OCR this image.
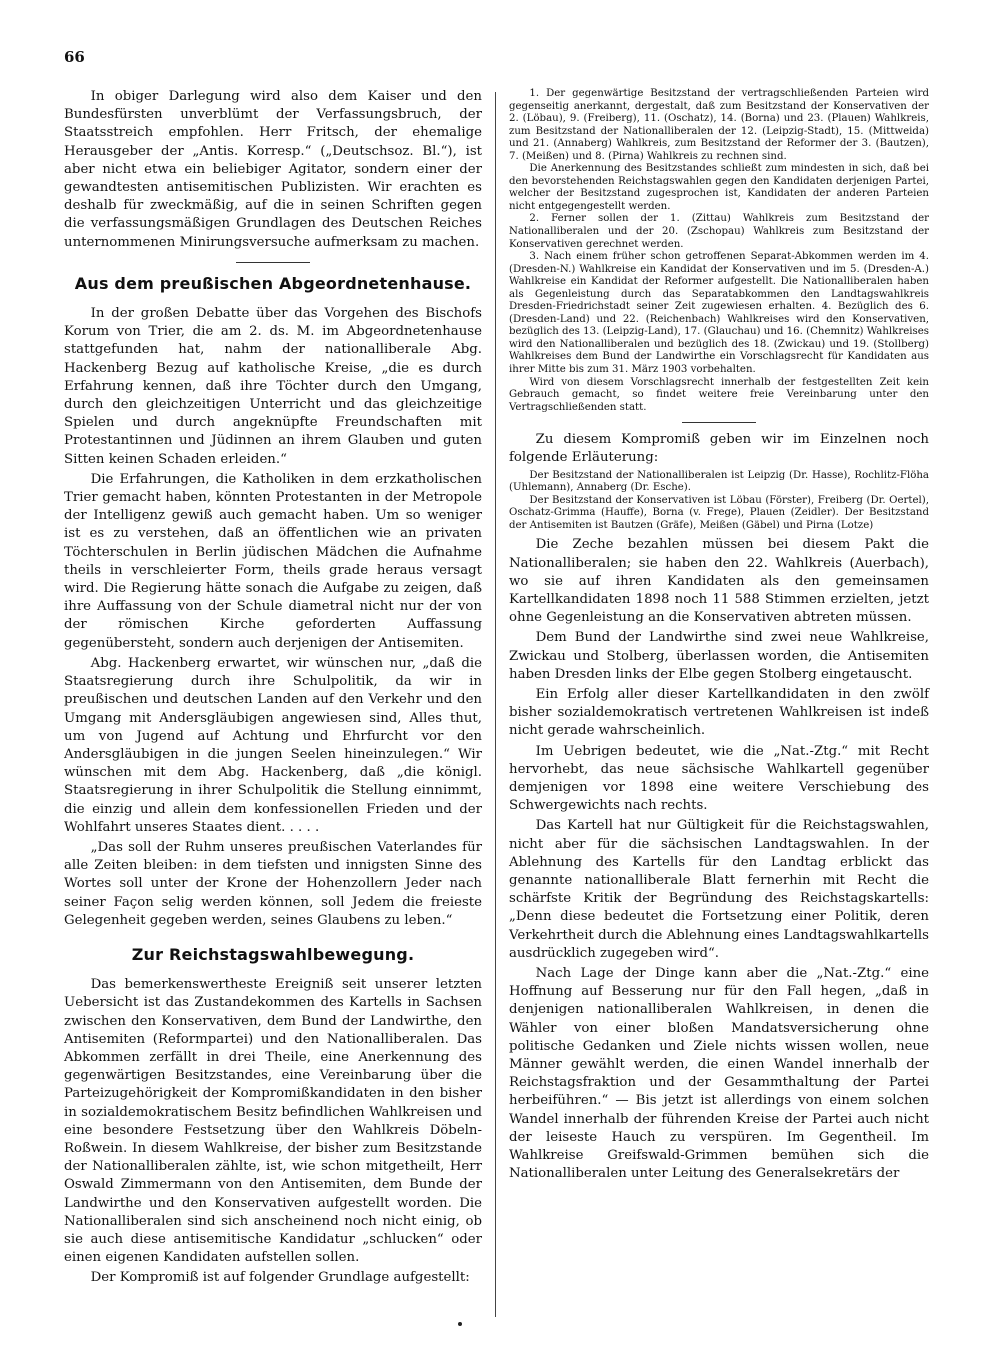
66

In obiger Darlegung wird also dem Kaiser und den Bundesfürsten unverblümt der Verfassungsbruch, der Staatsstreich empfohlen. Herr Fritsch, der ehemalige Herausgeber der „Antis. Korresp.“ („Deutschsoz. Bl.“), ist aber nicht etwa ein beliebiger Agitator, sondern einer der gewandtesten antisemitischen Publizisten. Wir erachten es deshalb für zweckmäßig, auf die in seinen Schriften gegen die verfassungsmäßigen Grundlagen des Deutschen Reiches unternommenen Minirungsversuche aufmerksam zu machen.

Aus dem preußischen Abgeordnetenhause.

In der großen Debatte über das Vorgehen des Bischofs Korum von Trier, die am 2. ds. M. im Abgeordnetenhause stattgefunden hat, nahm der nationalliberale Abg. Hackenberg Bezug auf katholische Kreise, „die es durch Erfahrung kennen, daß ihre Töchter durch den Umgang, durch den gleichzeitigen Unterricht und das gleichzeitige Spielen und durch angeknüpfte Freundschaften mit Protestantinnen und Jüdinnen an ihrem Glauben und guten Sitten keinen Schaden erleiden.“

Die Erfahrungen, die Katholiken in dem erzkatholischen Trier gemacht haben, könnten Protestanten in der Metropole der Intelligenz gewiß auch gemacht haben. Um so weniger ist es zu verstehen, daß an öffentlichen wie an privaten Töchterschulen in Berlin jüdischen Mädchen die Aufnahme theils in verschleierter Form, theils grade heraus versagt wird. Die Regierung hätte sonach die Aufgabe zu zeigen, daß ihre Auffassung von der Schule diametral nicht nur der von der römischen Kirche geforderten Auffassung gegenübersteht, sondern auch derjenigen der Antisemiten.

Abg. Hackenberg erwartet, wir wünschen nur, „daß die Staatsregierung durch ihre Schulpolitik, da wir in preußischen und deutschen Landen auf den Verkehr und den Umgang mit Andersgläubigen angewiesen sind, Alles thut, um von Jugend auf Achtung und Ehrfurcht vor den Andersgläubigen in die jungen Seelen hineinzulegen.“ Wir wünschen mit dem Abg. Hackenberg, daß „die königl. Staatsregierung in ihrer Schulpolitik die Stellung einnimmt, die einzig und allein dem konfessionellen Frieden und der Wohlfahrt unseres Staates dient. . . . .

„Das soll der Ruhm unseres preußischen Vaterlandes für alle Zeiten bleiben: in dem tiefsten und innigsten Sinne des Wortes soll unter der Krone der Hohenzollern Jeder nach seiner Façon selig werden können, soll Jedem die freieste Gelegenheit gegeben werden, seines Glaubens zu leben.“

Zur Reichstagswahlbewegung.

Das bemerkenswertheste Ereigniß seit unserer letzten Uebersicht ist das Zustandekommen des Kartells in Sachsen zwischen den Konservativen, dem Bund der Landwirthe, den Antisemiten (Reformpartei) und den Nationalliberalen. Das Abkommen zerfällt in drei Theile, eine Anerkennung des gegenwärtigen Besitzstandes, eine Vereinbarung über die Parteizugehörigkeit der Kompromißkandidaten in den bisher in sozialdemokratischem Besitz befindlichen Wahlkreisen und eine besondere Festsetzung über den Wahlkreis Döbeln-Roßwein. In diesem Wahlkreise, der bisher zum Besitzstande der Nationalliberalen zählte, ist, wie schon mitgetheilt, Herr Oswald Zimmermann von den Antisemiten, dem Bunde der Landwirthe und den Konservativen aufgestellt worden. Die Nationalliberalen sind sich anscheinend noch nicht einig, ob sie auch diese antisemitische Kandidatur „schlucken“ oder einen eigenen Kandidaten aufstellen sollen.

Der Kompromiß ist auf folgender Grundlage aufgestellt:

1. Der gegenwärtige Besitzstand der vertragschließenden Parteien wird gegenseitig anerkannt, dergestalt, daß zum Besitzstand der Konservativen der 2. (Löbau), 9. (Freiberg), 11. (Oschatz), 14. (Borna) und 23. (Plauen) Wahlkreis, zum Besitzstand der Nationalliberalen der 12. (Leipzig-Stadt), 15. (Mittweida) und 21. (Annaberg) Wahlkreis, zum Besitzstand der Reformer der 3. (Bautzen), 7. (Meißen) und 8. (Pirna) Wahlkreis zu rechnen sind.

Die Anerkennung des Besitzstandes schließt zum mindesten in sich, daß bei den bevorstehenden Reichstagswahlen gegen den Kandidaten derjenigen Partei, welcher der Besitzstand zugesprochen ist, Kandidaten der anderen Parteien nicht entgegengestellt werden.

2. Ferner sollen der 1. (Zittau) Wahlkreis zum Besitzstand der Nationalliberalen und der 20. (Zschopau) Wahlkreis zum Besitzstand der Konservativen gerechnet werden.

3. Nach einem früher schon getroffenen Separat-Abkommen werden im 4. (Dresden-N.) Wahlkreise ein Kandidat der Konservativen und im 5. (Dresden-A.) Wahlkreise ein Kandidat der Reformer aufgestellt. Die Nationalliberalen haben als Gegenleistung durch das Separatabkommen den Landtagswahlkreis Dresden-Friedrichstadt seiner Zeit zugewiesen erhalten. 4. Bezüglich des 6. (Dresden-Land) und 22. (Reichenbach) Wahlkreises wird den Konservativen, bezüglich des 13. (Leipzig-Land), 17. (Glauchau) und 16. (Chemnitz) Wahlkreises wird den Nationalliberalen und bezüglich des 18. (Zwickau) und 19. (Stollberg) Wahlkreises dem Bund der Landwirthe ein Vorschlagsrecht für Kandidaten aus ihrer Mitte bis zum 31. März 1903 vorbehalten.

Wird von diesem Vorschlagsrecht innerhalb der festgestellten Zeit kein Gebrauch gemacht, so findet weitere freie Vereinbarung unter den Vertragschließenden statt.

Zu diesem Kompromiß geben wir im Einzelnen noch folgende Erläuterung:

Der Besitzstand der Nationalliberalen ist Leipzig (Dr. Hasse), Rochlitz-Flöha (Uhlemann), Annaberg (Dr. Esche).

Der Besitzstand der Konservativen ist Löbau (Förster), Freiberg (Dr. Oertel), Oschatz-Grimma (Hauffe), Borna (v. Frege), Plauen (Zeidler). Der Besitzstand der Antisemiten ist Bautzen (Gräfe), Meißen (Gäbel) und Pirna (Lotze)

Die Zeche bezahlen müssen bei diesem Pakt die Nationalliberalen; sie haben den 22. Wahlkreis (Auerbach), wo sie auf ihren Kandidaten als den gemeinsamen Kartellkandidaten 1898 noch 11 588 Stimmen erzielten, jetzt ohne Gegenleistung an die Konservativen abtreten müssen.

Dem Bund der Landwirthe sind zwei neue Wahlkreise, Zwickau und Stolberg, überlassen worden, die Antisemiten haben Dresden links der Elbe gegen Stolberg eingetauscht.

Ein Erfolg aller dieser Kartellkandidaten in den zwölf bisher sozialdemokratisch vertretenen Wahlkreisen ist indeß nicht gerade wahrscheinlich.

Im Uebrigen bedeutet, wie die „Nat.-Ztg.“ mit Recht hervorhebt, das neue sächsische Wahlkartell gegenüber demjenigen vor 1898 eine weitere Verschiebung des Schwergewichts nach rechts.

Das Kartell hat nur Gültigkeit für die Reichstagswahlen, nicht aber für die sächsischen Landtagswahlen. In der Ablehnung des Kartells für den Landtag erblickt das genannte nationalliberale Blatt fernerhin mit Recht die schärfste Kritik der Begründung des Reichstagskartells: „Denn diese bedeutet die Fortsetzung einer Politik, deren Verkehrtheit durch die Ablehnung eines Landtagswahlkartells ausdrücklich zugegeben wird“.

Nach Lage der Dinge kann aber die „Nat.-Ztg.“ eine Hoffnung auf Besserung nur für den Fall hegen, „daß in denjenigen nationalliberalen Wahlkreisen, in denen die Wähler von einer bloßen Mandatsversicherung ohne politische Gedanken und Ziele nichts wissen wollen, neue Männer gewählt werden, die einen Wandel innerhalb der Reichstagsfraktion und der Gesammthaltung der Partei herbeiführen.“ — Bis jetzt ist allerdings von einem solchen Wandel innerhalb der führenden Kreise der Partei auch nicht der leiseste Hauch zu verspüren. Im Gegentheil. Im Wahlkreise Greifswald-Grimmen bemühen sich die Nationalliberalen unter Leitung des Generalsekretärs der
